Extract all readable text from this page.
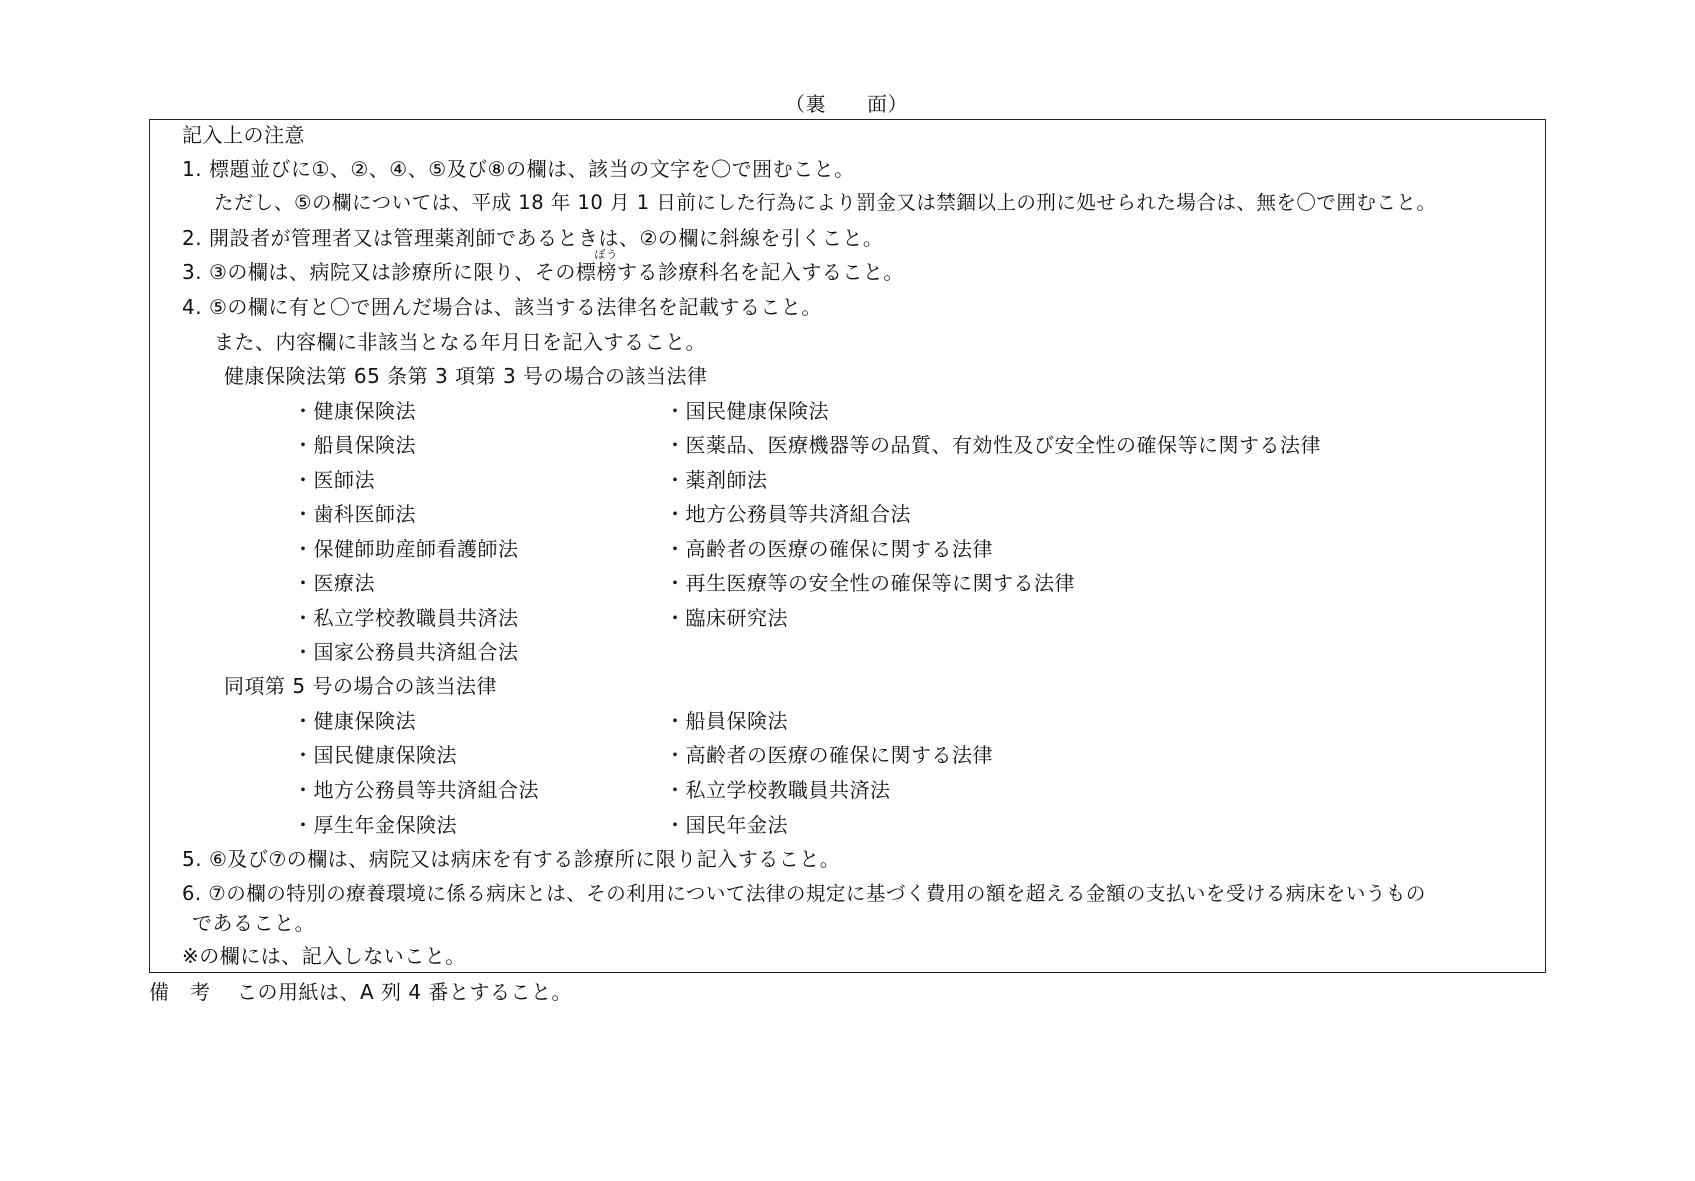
（裏　　面）
記入上の注意
1. 標題並びに①、②、④、⑤及び⑧の欄は、該当の文字を〇で囲むこと。
ただし、⑤の欄については、平成 18 年 10 月 1 日前にした行為により罰金又は禁錮以上の刑に処せられた場合は、無を〇で囲むこと。
2. 開設者が管理者又は管理薬剤師であるときは、②の欄に斜線を引くこと。
3. ③の欄は、病院又は診療所に限り、その標
ぼう
榜する診療科名を記入すること。
4. ⑤の欄に有と〇で囲んだ場合は、該当する法律名を記載すること。
また、内容欄に非該当となる年月日を記入すること。
健康保険法第 65 条第 3 項第 3 号の場合の該当法律
・健康保険法
・船員保険法
・医師法
・歯科医師法
・保健師助産師看護師法
・医療法
・私立学校教職員共済法
・国家公務員共済組合法
・国民健康保険法
・医薬品、医療機器等の品質、有効性及び安全性の確保等に関する法律
・薬剤師法
・地方公務員等共済組合法
・高齢者の医療の確保に関する法律
・再生医療等の安全性の確保等に関する法律
・臨床研究法
同項第 5 号の場合の該当法律
・健康保険法
・国民健康保険法
・地方公務員等共済組合法
・厚生年金保険法
・船員保険法
・高齢者の医療の確保に関する法律
・私立学校教職員共済法
・国民年金法
5. ⑥及び⑦の欄は、病院又は病床を有する診療所に限り記入すること。
6. ⑦の欄の特別の療養環境に係る病床とは、その利用について法律の規定に基づく費用の額を超える金額の支払いを受ける病床をいうもの
であること。
※の欄には、記入しないこと。
備　考 この用紙は、A 列 4 番とすること。
